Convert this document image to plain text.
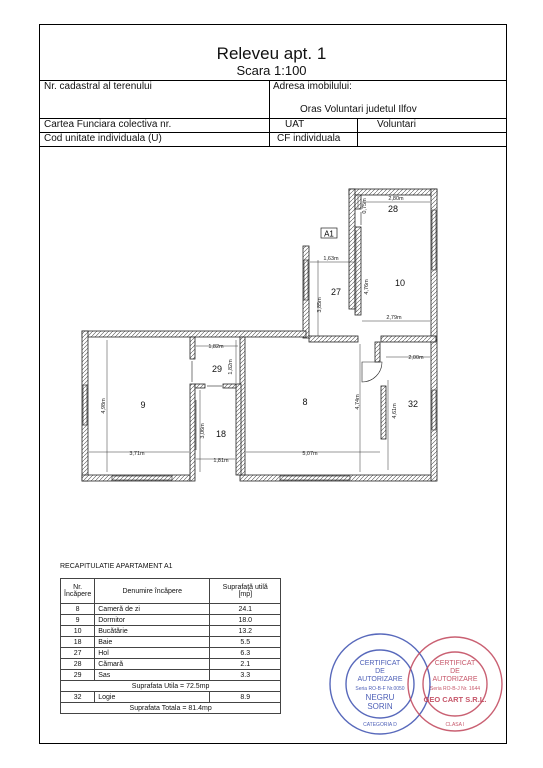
Releveu apt. 1
Scara 1:100
Nr. cadastral al terenului	Adresa imobilului:
Oras Voluntari judetul Ilfov
Cartea Funciara colectiva nr.	UAT	Voluntari
Cod unitate individuala (U)	CF individuala
A1
28
10
27
29
9
18
8	32
2,80m
0,75m
1,63m
4,76m
3,85m
2,79m
1,82m
1,82m
4,98m
3,06m
3,71m
1,81m
5,07m
4,74m
2,00m
4,61m
RECAPITULATIE APARTAMENT A1
Nr.
Încăpere	Denumire încăpere	Suprafaţă utilă
[mp]
8	Cameră de zi	24.1
9	Dormitor	18.0
10	Bucătărie	13.2
18	Baie	5.5
27	Hol	6.3
28	Cămară	2.1
29	Sas	3.3
Suprafata Utila = 72.5mp		
32	Logie	8.9
Suprafata Totala = 81.4mp		
CERTIFICAT
DE
AUTORIZARE
Seria RO-B-F Nr.0050
NEGRU
SORIN
CATEGORIA D
CERTIFICAT
DE
AUTORIZARE
Seria RO-B-J Nr. 1644
GEO CART S.R.L.
CLASA I
